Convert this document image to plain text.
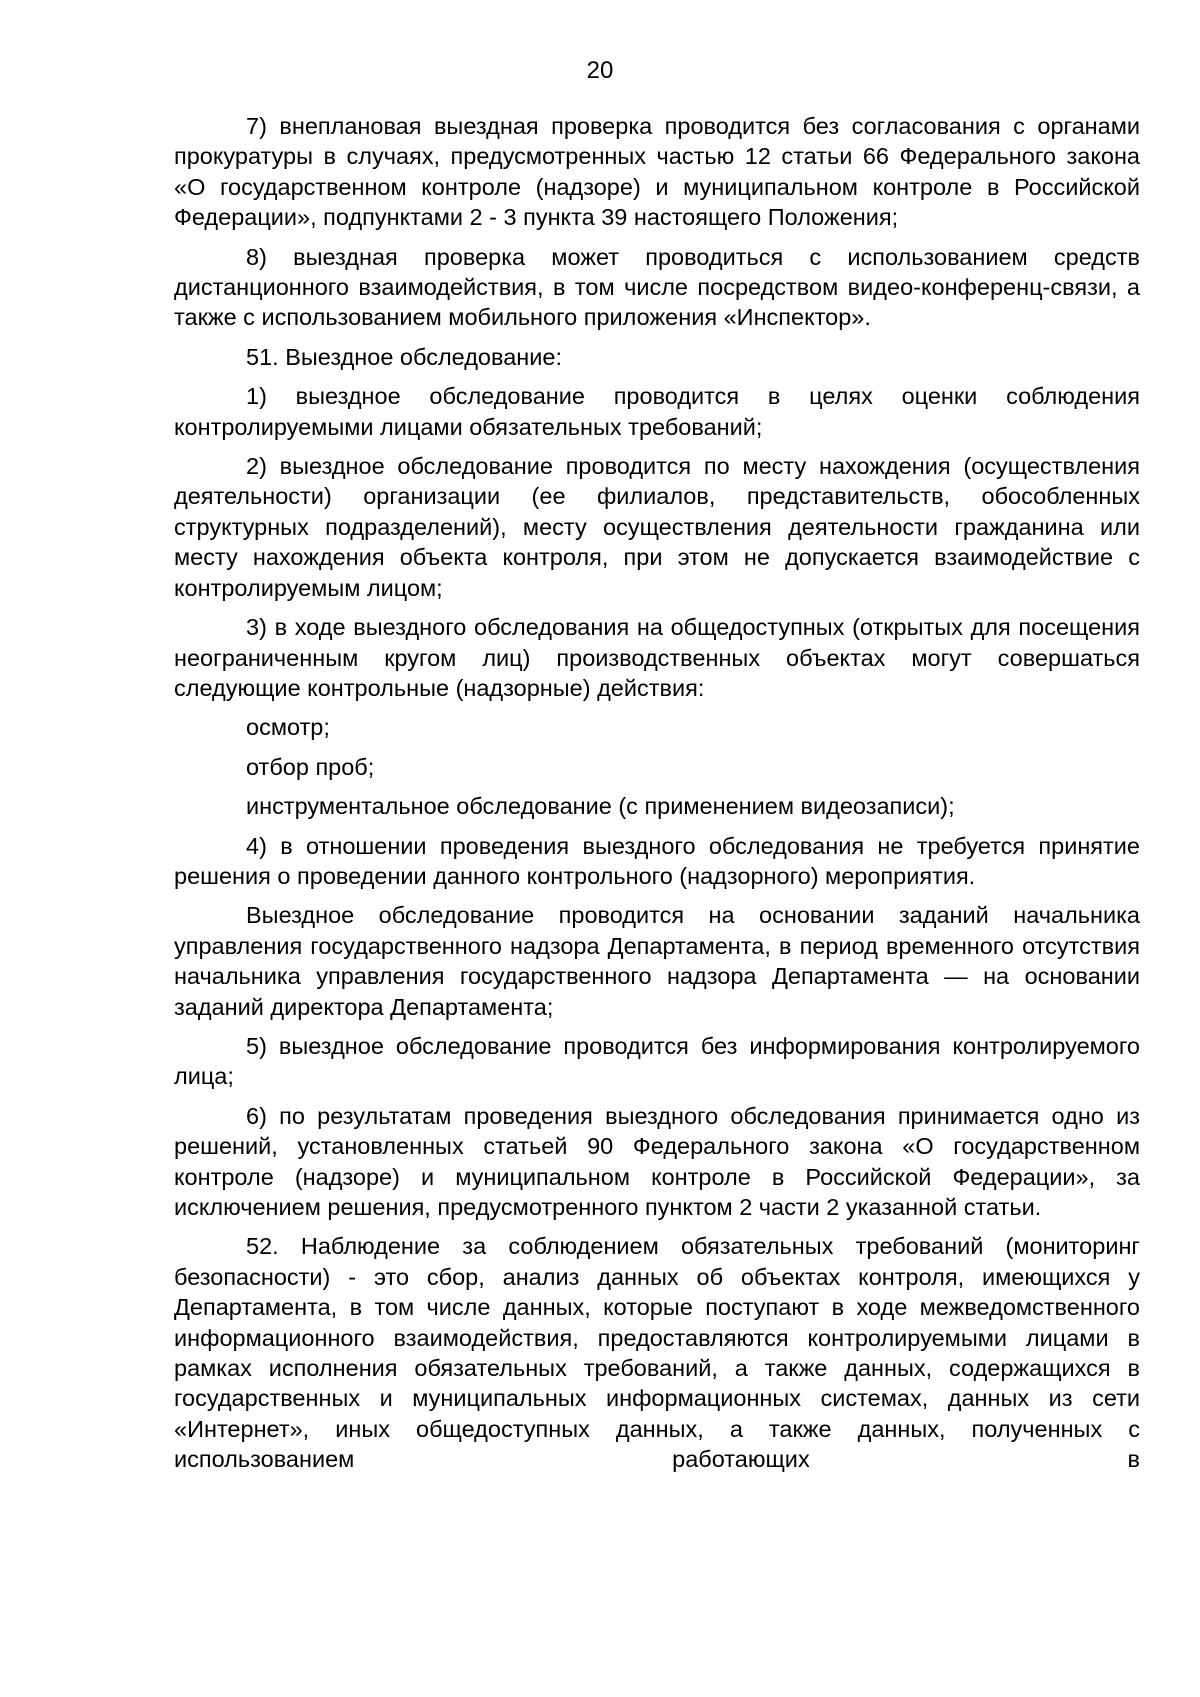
20

7) внеплановая выездная проверка проводится без согласования с органами прокуратуры в случаях, предусмотренных частью 12 статьи 66 Федерального закона «О государственном контроле (надзоре) и муниципальном контроле в Российской Федерации», подпунктами 2 - 3 пункта 39 настоящего Положения;

8) выездная проверка может проводиться с использованием средств дистанционного взаимодействия, в том числе посредством видео-конференц-связи, а также с использованием мобильного приложения «Инспектор».

51. Выездное обследование:

1) выездное обследование проводится в целях оценки соблюдения контролируемыми лицами обязательных требований;

2) выездное обследование проводится по месту нахождения (осуществления деятельности) организации (ее филиалов, представительств, обособленных структурных подразделений), месту осуществления деятельности гражданина или месту нахождения объекта контроля, при этом не допускается взаимодействие с контролируемым лицом;

3) в ходе выездного обследования на общедоступных (открытых для посещения неограниченным кругом лиц) производственных объектах могут совершаться следующие контрольные (надзорные) действия:

осмотр;

отбор проб;

инструментальное обследование (с применением видеозаписи);

4) в отношении проведения выездного обследования не требуется принятие решения о проведении данного контрольного (надзорного) мероприятия.

Выездное обследование проводится на основании заданий начальника управления государственного надзора Департамента, в период временного отсутствия начальника управления государственного надзора Департамента — на основании заданий директора Департамента;

5) выездное обследование проводится без информирования контролируемого лица;

6) по результатам проведения выездного обследования принимается одно из решений, установленных статьей 90 Федерального закона «О государственном контроле (надзоре) и муниципальном контроле в Российской Федерации», за исключением решения, предусмотренного пунктом 2 части 2 указанной статьи.

52. Наблюдение за соблюдением обязательных требований (мониторинг безопасности) - это сбор, анализ данных об объектах контроля, имеющихся у Департамента, в том числе данных, которые поступают в ходе межведомственного информационного взаимодействия, предоставляются контролируемыми лицами в рамках исполнения обязательных требований, а также данных, содержащихся в государственных и муниципальных информационных системах, данных из сети «Интернет», иных общедоступных данных, а также данных, полученных с использованием работающих в
